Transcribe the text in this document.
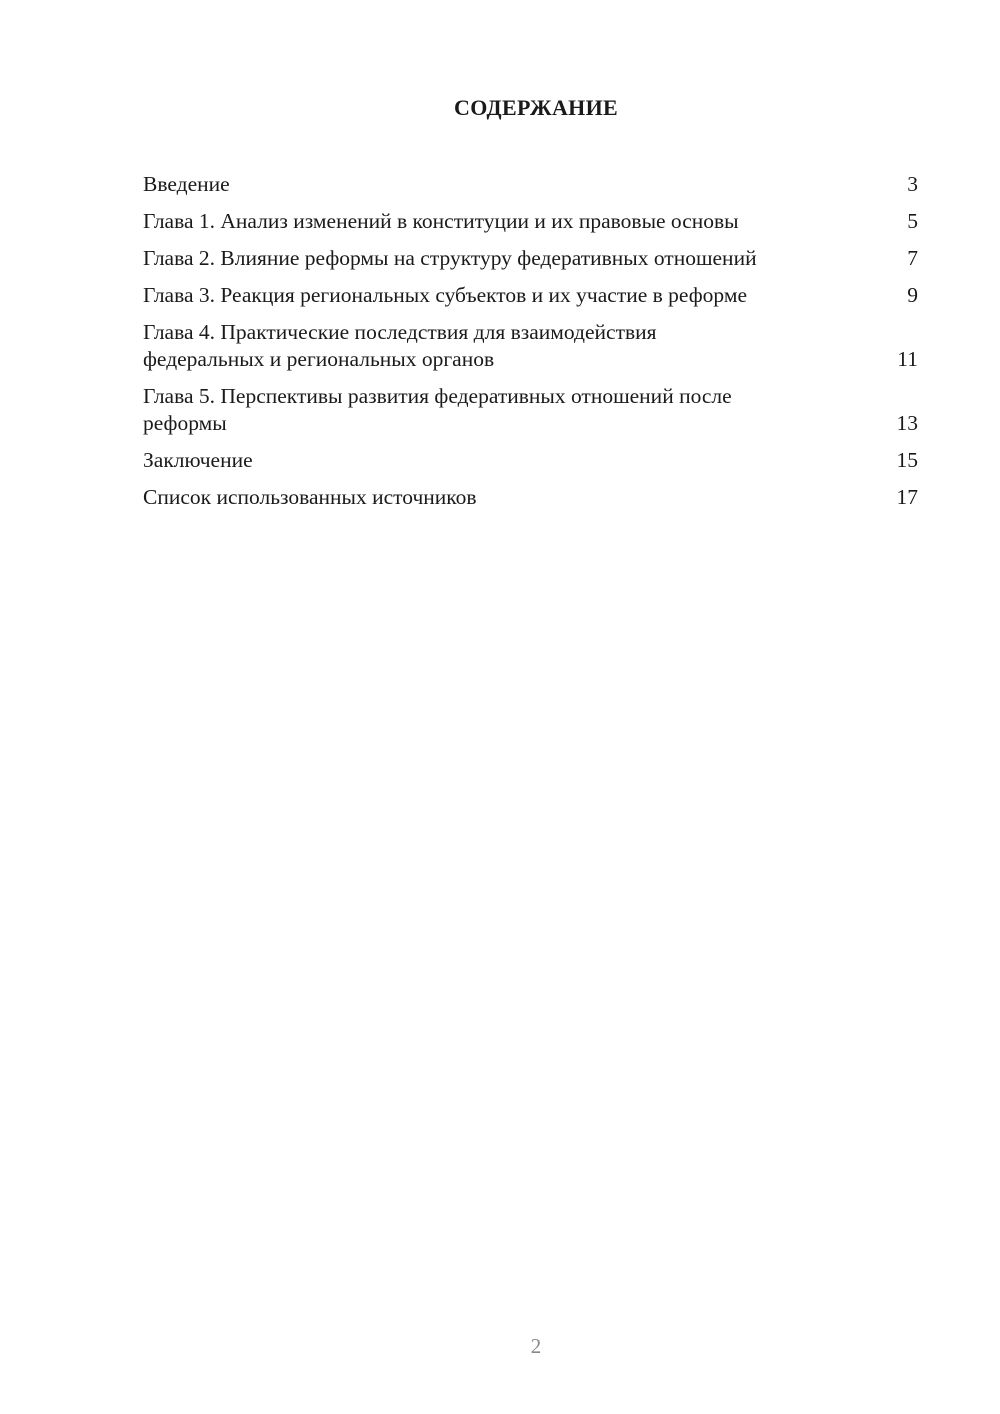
СОДЕРЖАНИЕ
Введение	3
Глава 1. Анализ изменений в конституции и их правовые основы	5
Глава 2. Влияние реформы на структуру федеративных отношений	7
Глава 3. Реакция региональных субъектов и их участие в реформе	9
Глава 4. Практические последствия для взаимодействия федеральных и региональных органов	11
Глава 5. Перспективы развития федеративных отношений после реформы	13
Заключение	15
Список использованных источников	17
2
